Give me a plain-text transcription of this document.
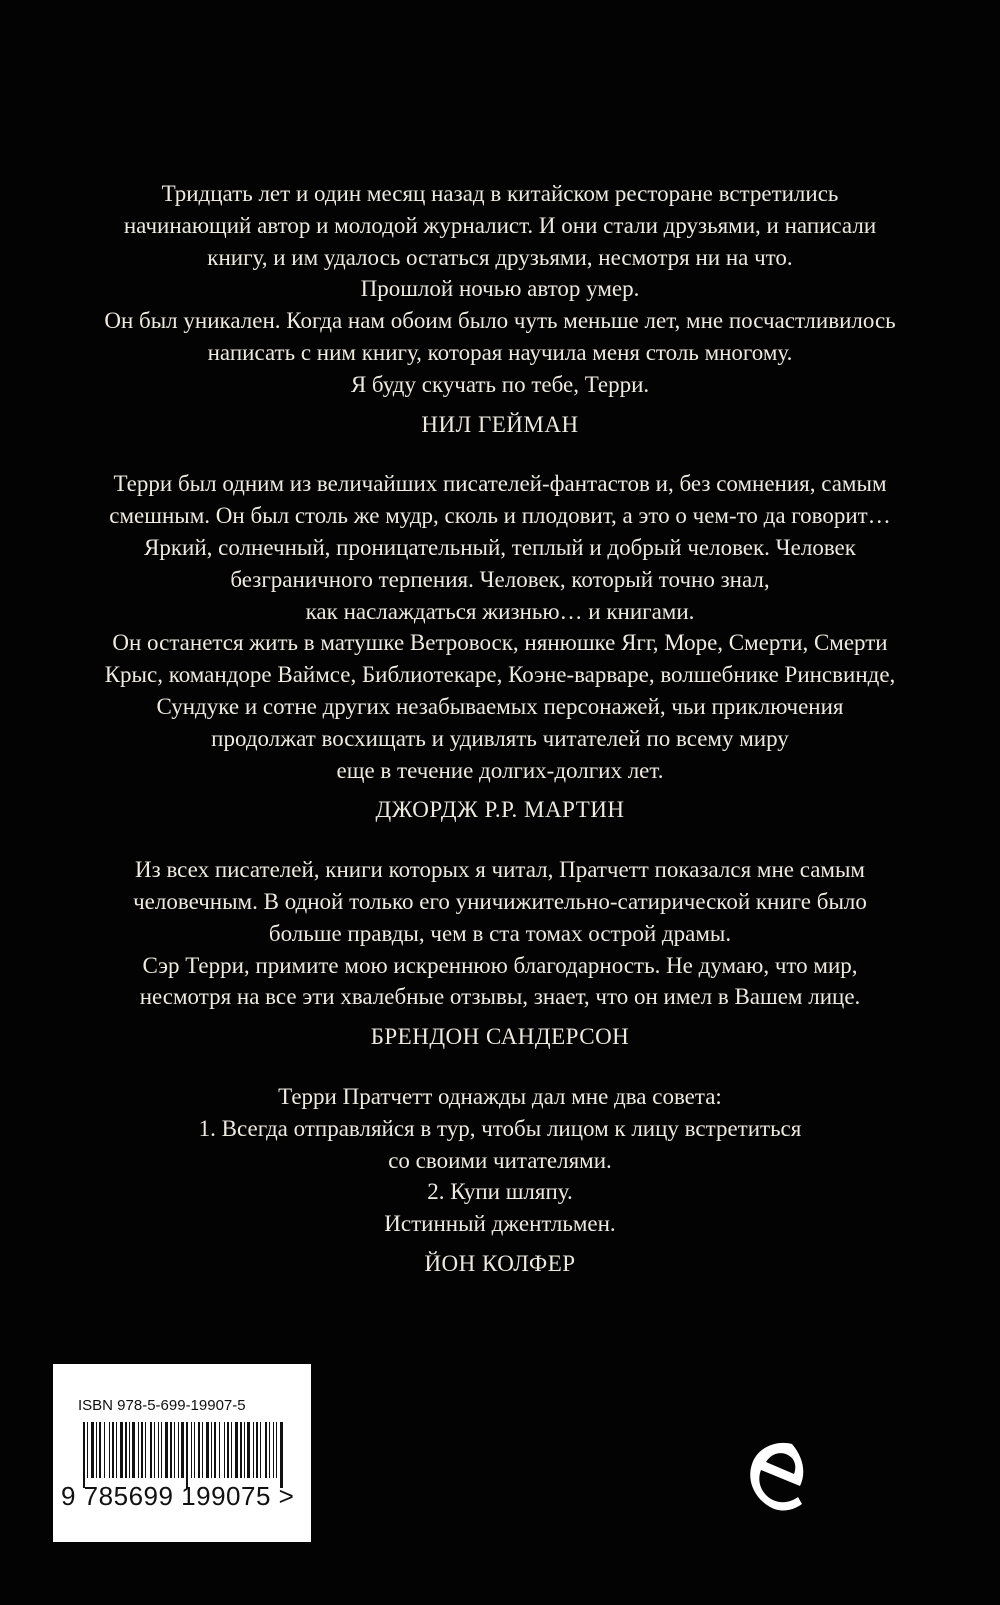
Тридцать лет и один месяц назад в китайском ресторане встретились
начинающий автор и молодой журналист. И они стали друзьями, и написали
книгу, и им удалось остаться друзьями, несмотря ни на что.
Прошлой ночью автор умер.
Он был уникален. Когда нам обоим было чуть меньше лет, мне посчастливилось
написать с ним книгу, которая научила меня столь многому.
Я буду скучать по тебе, Терри.
НИЛ ГЕЙМАН
Терри был одним из величайших писателей-фантастов и, без сомнения, самым
смешным. Он был столь же мудр, сколь и плодовит, а это о чем-то да говорит…
Яркий, солнечный, проницательный, теплый и добрый человек. Человек
безграничного терпения. Человек, который точно знал,
как наслаждаться жизнью… и книгами.
Он останется жить в матушке Ветровоск, нянюшке Ягг, Море, Смерти, Смерти
Крыс, командоре Ваймсе, Библиотекаре, Коэне-варваре, волшебнике Ринсвинде,
Сундуке и сотне других незабываемых персонажей, чьи приключения
продолжат восхищать и удивлять читателей по всему миру
еще в течение долгих-долгих лет.
ДЖОРДЖ Р.Р. МАРТИН
Из всех писателей, книги которых я читал, Пратчетт показался мне самым
человечным. В одной только его уничижительно-сатирической книге было
больше правды, чем в ста томах острой драмы.
Сэр Терри, примите мою искреннюю благодарность. Не думаю, что мир,
несмотря на все эти хвалебные отзывы, знает, что он имел в Вашем лице.
БРЕНДОН САНДЕРСОН
Терри Пратчетт однажды дал мне два совета:
1. Всегда отправляйся в тур, чтобы лицом к лицу встретиться
со своими читателями.
2. Купи шляпу.
Истинный джентльмен.
ЙОН КОЛФЕР
ISBN 978-5-699-19907-5
9 785699 199075 >
